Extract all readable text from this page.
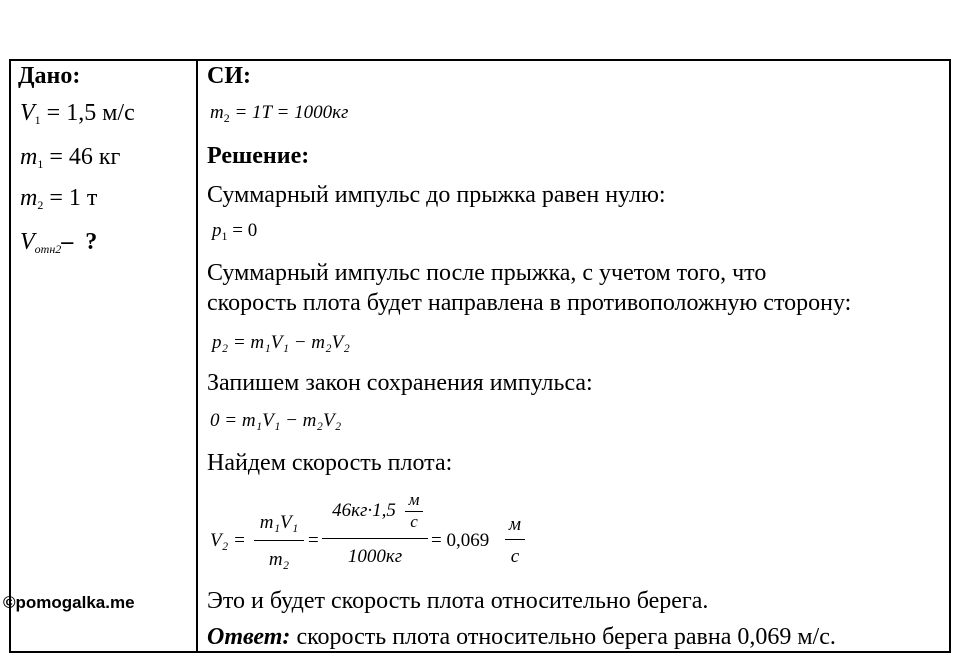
Дано:
$V_1 = 1,5$ м/с
$m_1 = 46$ кг
$m_2 = 1$ т
$V_{отн2}-$ ?
СИ:
$m_2 = 1T = 1000кг$
Решение:
Суммарный импульс до прыжка равен нулю:
$p_1 = 0$
Суммарный импульс после прыжка, с учетом того, что
скорость плота будет направлена в противоположную сторону:
p₂ = m₁V₁ − m₂V₂
Запишем закон сохранения импульса:
0 = m₁V₁ − m₂V₂
Найдем скорость плота:
V₂ =
m₁V₁
m₂
=
46кг·1,5
м
с
1000кг
= 0,069
м
с
Это и будет скорость плота относительно берега.
Ответ: скорость плота относительно берега равна 0,069 м/с.
©pomogalka.me
